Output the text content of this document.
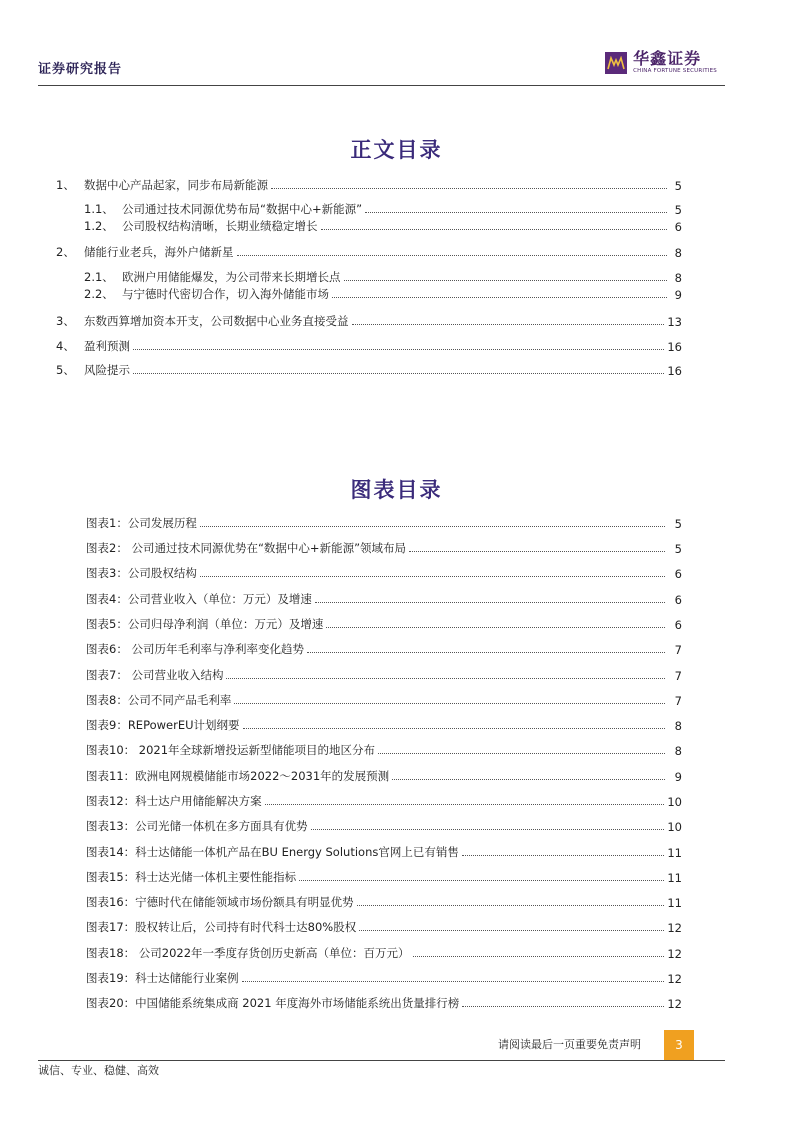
证券研究报告
华鑫证券
CHINA FORTUNE SECURITIES
正文目录
1、 数据中心产品起家，同步布局新能源	5
1.1、 公司通过技术同源优势布局“数据中心+新能源”	5
1.2、 公司股权结构清晰，长期业绩稳定增长	6
2、 储能行业老兵，海外户储新星	8
2.1、 欧洲户用储能爆发，为公司带来长期增长点	8
2.2、 与宁德时代密切合作，切入海外储能市场	9
3、 东数西算增加资本开支，公司数据中心业务直接受益	13
4、 盈利预测	16
5、 风险提示	16
图表目录
图表1：公司发展历程	5
图表2： 公司通过技术同源优势在“数据中心+新能源”领域布局	5
图表3：公司股权结构	6
图表4：公司营业收入（单位：万元）及增速	6
图表5：公司归母净利润（单位：万元）及增速	6
图表6： 公司历年毛利率与净利率变化趋势	7
图表7： 公司营业收入结构	7
图表8：公司不同产品毛利率	7
图表9：REPowerEU计划纲要	8
图表10： 2021年全球新增投运新型储能项目的地区分布	8
图表11：欧洲电网规模储能市场2022～2031年的发展预测	9
图表12：科士达户用储能解决方案	10
图表13：公司光储一体机在多方面具有优势	10
图表14：科士达储能一体机产品在BU Energy Solutions官网上已有销售	11
图表15：科士达光储一体机主要性能指标	11
图表16：宁德时代在储能领域市场份额具有明显优势	11
图表17：股权转让后，公司持有时代科士达80%股权	12
图表18： 公司2022年一季度存货创历史新高（单位：百万元）	12
图表19：科士达储能行业案例	12
图表20：中国储能系统集成商 2021 年度海外市场储能系统出货量排行榜	12
请阅读最后一页重要免责声明	3
诚信、专业、稳健、高效
